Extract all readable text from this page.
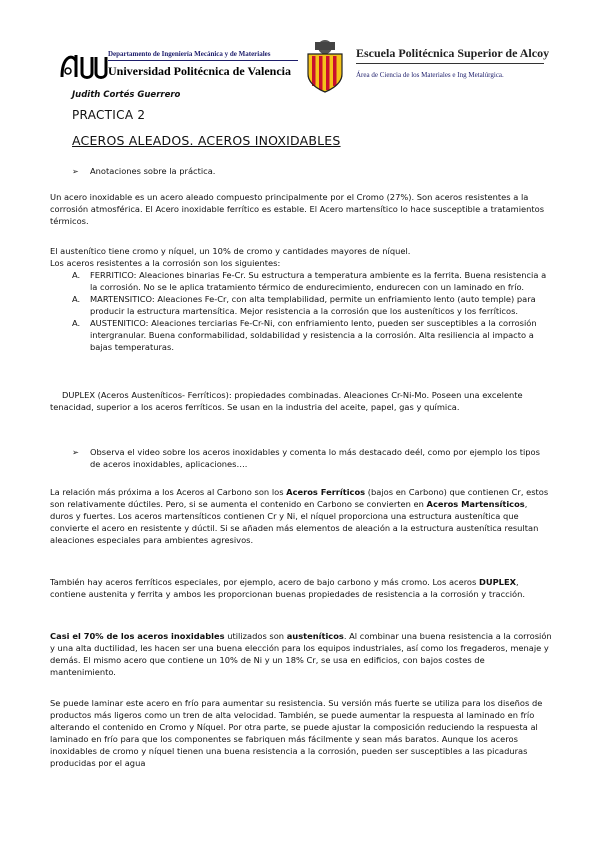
Departamento de Ingeniería Mecánica y de Materiales
Universidad Politécnica de Valencia
Escuela Politécnica Superior de Alcoy
Área de Ciencia de los Materiales e Ing Metalúrgica.
Judith Cortés Guerrero
PRACTICA 2
ACEROS ALEADOS. ACEROS INOXIDABLES
➢ Anotaciones sobre la práctica.

Un acero inoxidable es un acero aleado compuesto principalmente por el Cromo (27%). Son aceros resistentes a la corrosión atmosférica. El Acero inoxidable ferrítico es estable. El Acero martensítico lo hace susceptible a tratamientos térmicos.

El austenítico tiene cromo y níquel, un 10% de cromo y cantidades mayores de níquel.

Los aceros resistentes a la corrosión son los siguientes:

A. FERRITICO: Aleaciones binarias Fe-Cr. Su estructura a temperatura ambiente es la ferrita. Buena resistencia a la corrosión. No se le aplica tratamiento térmico de endurecimiento, endurecen con un laminado en frío.
A. MARTENSITICO: Aleaciones Fe-Cr, con alta templabilidad, permite un enfriamiento lento (auto temple) para producir la estructura martensítica. Mejor resistencia a la corrosión que los austeníticos y los ferríticos.
A. AUSTENITICO: Aleaciones terciarias Fe-Cr-Ni, con enfriamiento lento, pueden ser susceptibles a la corrosión intergranular. Buena conformabilidad, soldabilidad y resistencia a la corrosión. Alta resiliencia al impacto a bajas temperaturas.

DUPLEX (Aceros Austeníticos- Ferríticos): propiedades combinadas. Aleaciones Cr-Ni-Mo. Poseen una excelente tenacidad, superior a los aceros ferríticos. Se usan en la industria del aceite, papel, gas y química.

➢	Observa el video sobre los aceros inoxidables y comenta lo más destacado deél, como por ejemplo los tipos de aceros inoxidables, aplicaciones….

La relación más próxima a los Aceros al Carbono son los Aceros Ferríticos (bajos en Carbono) que contienen Cr, estos son relativamente dúctiles. Pero, si se aumenta el contenido en Carbono se convierten en Aceros Martensíticos, duros y fuertes. Los aceros martensíticos contienen Cr y Ni, el níquel proporciona una estructura austenítica que convierte el acero en resistente y dúctil. Si se añaden más elementos de aleación a la estructura austenítica resultan aleaciones especiales para ambientes agresivos.

También hay aceros ferríticos especiales, por ejemplo, acero de bajo carbono y más cromo. Los aceros DUPLEX, contiene austenita y ferrita y ambos les proporcionan buenas propiedades de resistencia a la corrosión y tracción.

Casi el 70% de los aceros inoxidables utilizados son austeníticos. Al combinar una buena resistencia a la corrosión y una alta ductilidad, les hacen ser una buena elección para los equipos industriales, así como los fregaderos, menaje y demás. El mismo acero que contiene un 10% de Ni y un 18% Cr, se usa en edificios, con bajos costes de mantenimiento.

Se puede laminar este acero en frío para aumentar su resistencia. Su versión más fuerte se utiliza para los diseños de productos más ligeros como un tren de alta velocidad. También, se puede aumentar la respuesta al laminado en frío alterando el contenido en Cromo y Níquel. Por otra parte, se puede ajustar la composición reduciendo la respuesta al laminado en frío para que los componentes se fabriquen más fácilmente y sean más baratos. Aunque los aceros inoxidables de cromo y níquel tienen una buena resistencia a la corrosión, pueden ser susceptibles a las picaduras producidas por el agua
